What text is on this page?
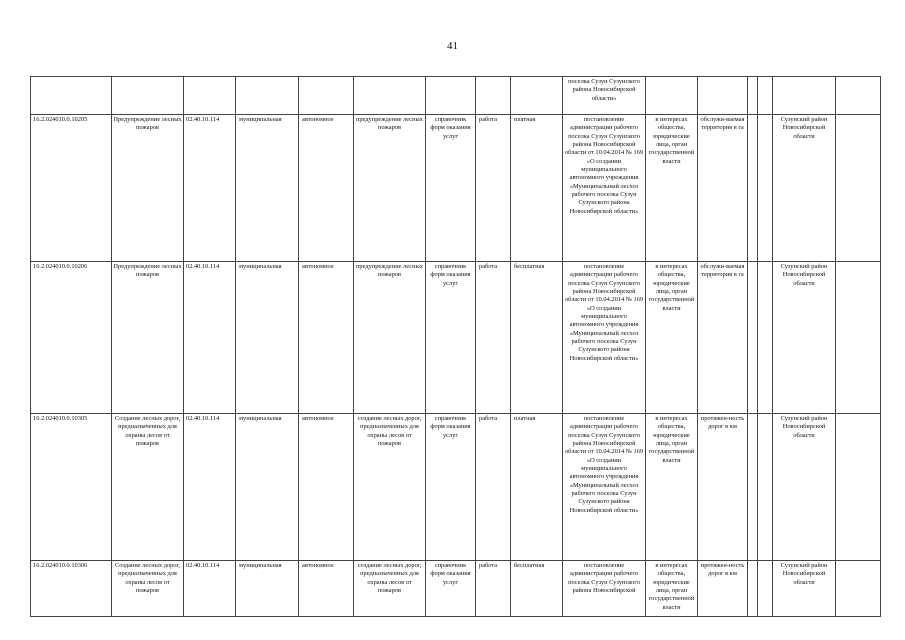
41
									поселка Сузун Сузунского района Новосибирской области»						
16.2.024010.0.10205	Предупреждение лесных пожаров	02.40.10.114	муниципальная	автономное	предупреждение лесных пожаров	справочник форм оказания услуг	работа	платная	постановление администрации рабочего поселка Сузун Сузунского района Новосибирской области от 10.04.2014 № 169 «О создании муниципального автономного учреждения «Муниципальный лесхоз рабочего поселка Сузун Сузунского района Новосибирской области»	в интересах общества, юридические лица, орган государственной власти	обслужи-ваемая территория в га			Сузунский район Новосибирской области	
16.2.024010.0.10206	Предупреждение лесных пожаров	02.40.10.114	муниципальная	автономное	предупреждение лесных пожаров	справочник форм оказания услуг	работа	бесплатная	постановление администрации рабочего поселка Сузун Сузунского района Новосибирской области от 10.04.2014 № 169 «О создании муниципального автономного учреждения «Муниципальный лесхоз рабочего поселка Сузун Сузунского района Новосибирской области»	в интересах общества, юридические лица, орган государственной власти	обслужи-ваемая территория в га			Сузунский район Новосибирской области	
16.2.024010.0.10305	Создание лесных дорог, предназначенных для охраны лесов от пожаров	02.40.10.114	муниципальная	автономное	создание лесных дорог, предназначенных для охраны лесов от пожаров	справочник форм оказания услуг	работа	платная	постановление администрации рабочего поселка Сузун Сузунского района Новосибирской области от 10.04.2014 № 169 «О создании муниципального автономного учреждения «Муниципальный лесхоз рабочего поселка Сузун Сузунского района Новосибирской области»	в интересах общества, юридические лица, орган государственной власти	протяжен-ность дорог в км			Сузунский район Новосибирской области	
16.2.024010.0.10306	Создание лесных дорог, предназначенных для охраны лесов от пожаров	02.40.10.114	муниципальная	автономное	создание лесных дорог, предназначенных для охраны лесов от пожаров	справочник форм оказания услуг	работа	бесплатная	постановление администрации рабочего поселка Сузун Сузунского района Новосибирской	в интересах общества, юридические лица, орган государственной власти	протяжен-ность дорог в км			Сузунский район Новосибирской области	
